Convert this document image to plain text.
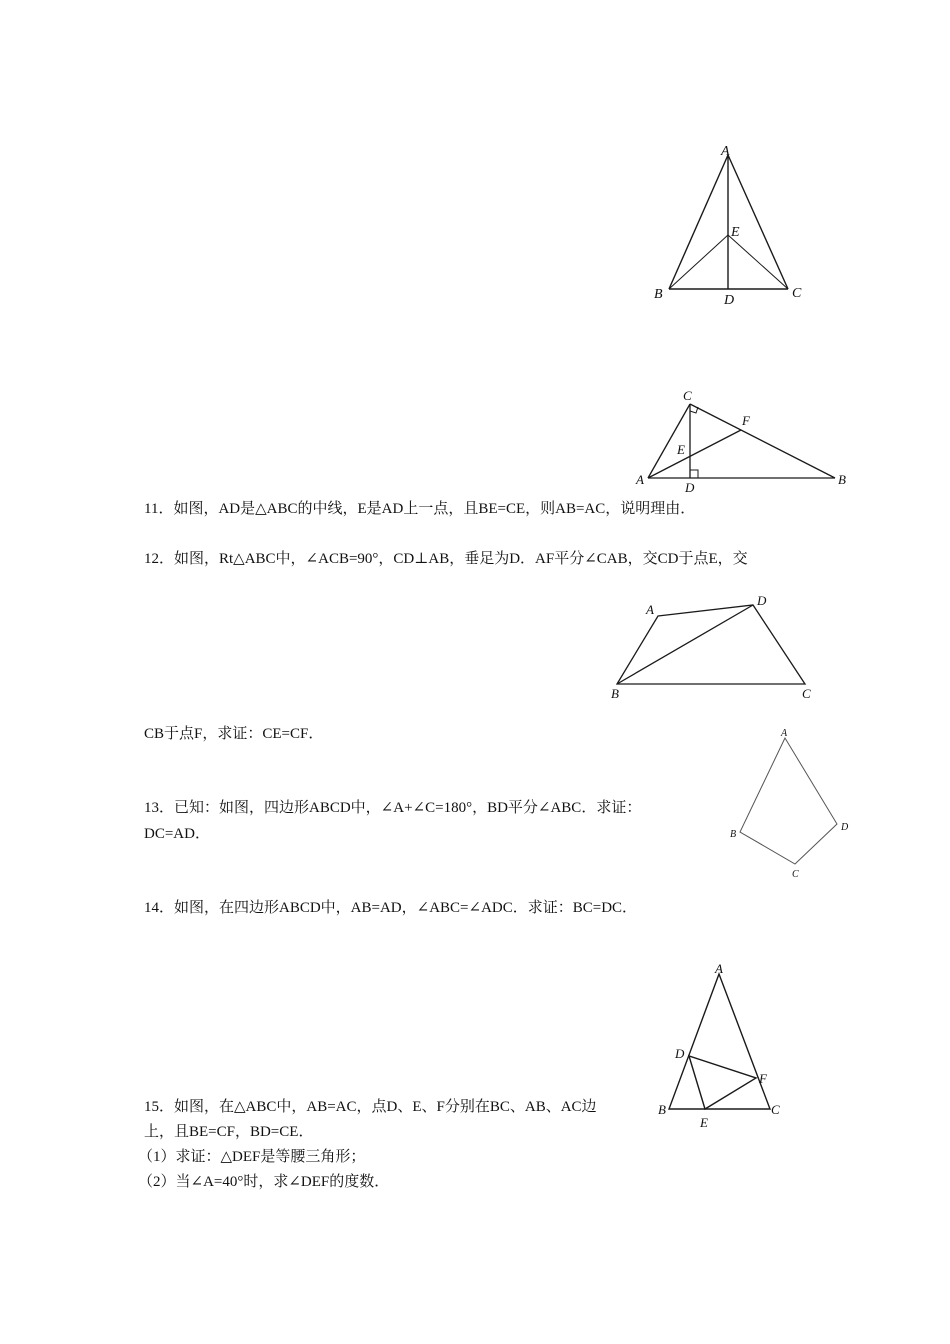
A
E
B	D	C
C
F
E
A
D
B

11．如图，AD是△ABC的中线，E是AD上一点，且BE=CE，则AB=AC，说明理由．

12．如图，Rt△ABC中，∠ACB=90°，CD⊥AB，垂足为D．AF平分∠CAB，交CD于点E，交

A
D
B	C

CB于点F，求证：CE=CF．	A
B
D
C

13．已知：如图，四边形ABCD中，∠A+∠C=180°，BD平分∠ABC．求证：

DC=AD．

14．如图，在四边形ABCD中，AB=AD，∠ABC=∠ADC．求证：BC=DC．

A
D
F
B	C
E

15．如图，在△ABC中，AB=AC，点D、E、F分别在BC、AB、AC边

上，且BE=CF，BD=CE．

（1）求证：△DEF是等腰三角形；

（2）当∠A=40°时，求∠DEF的度数．
